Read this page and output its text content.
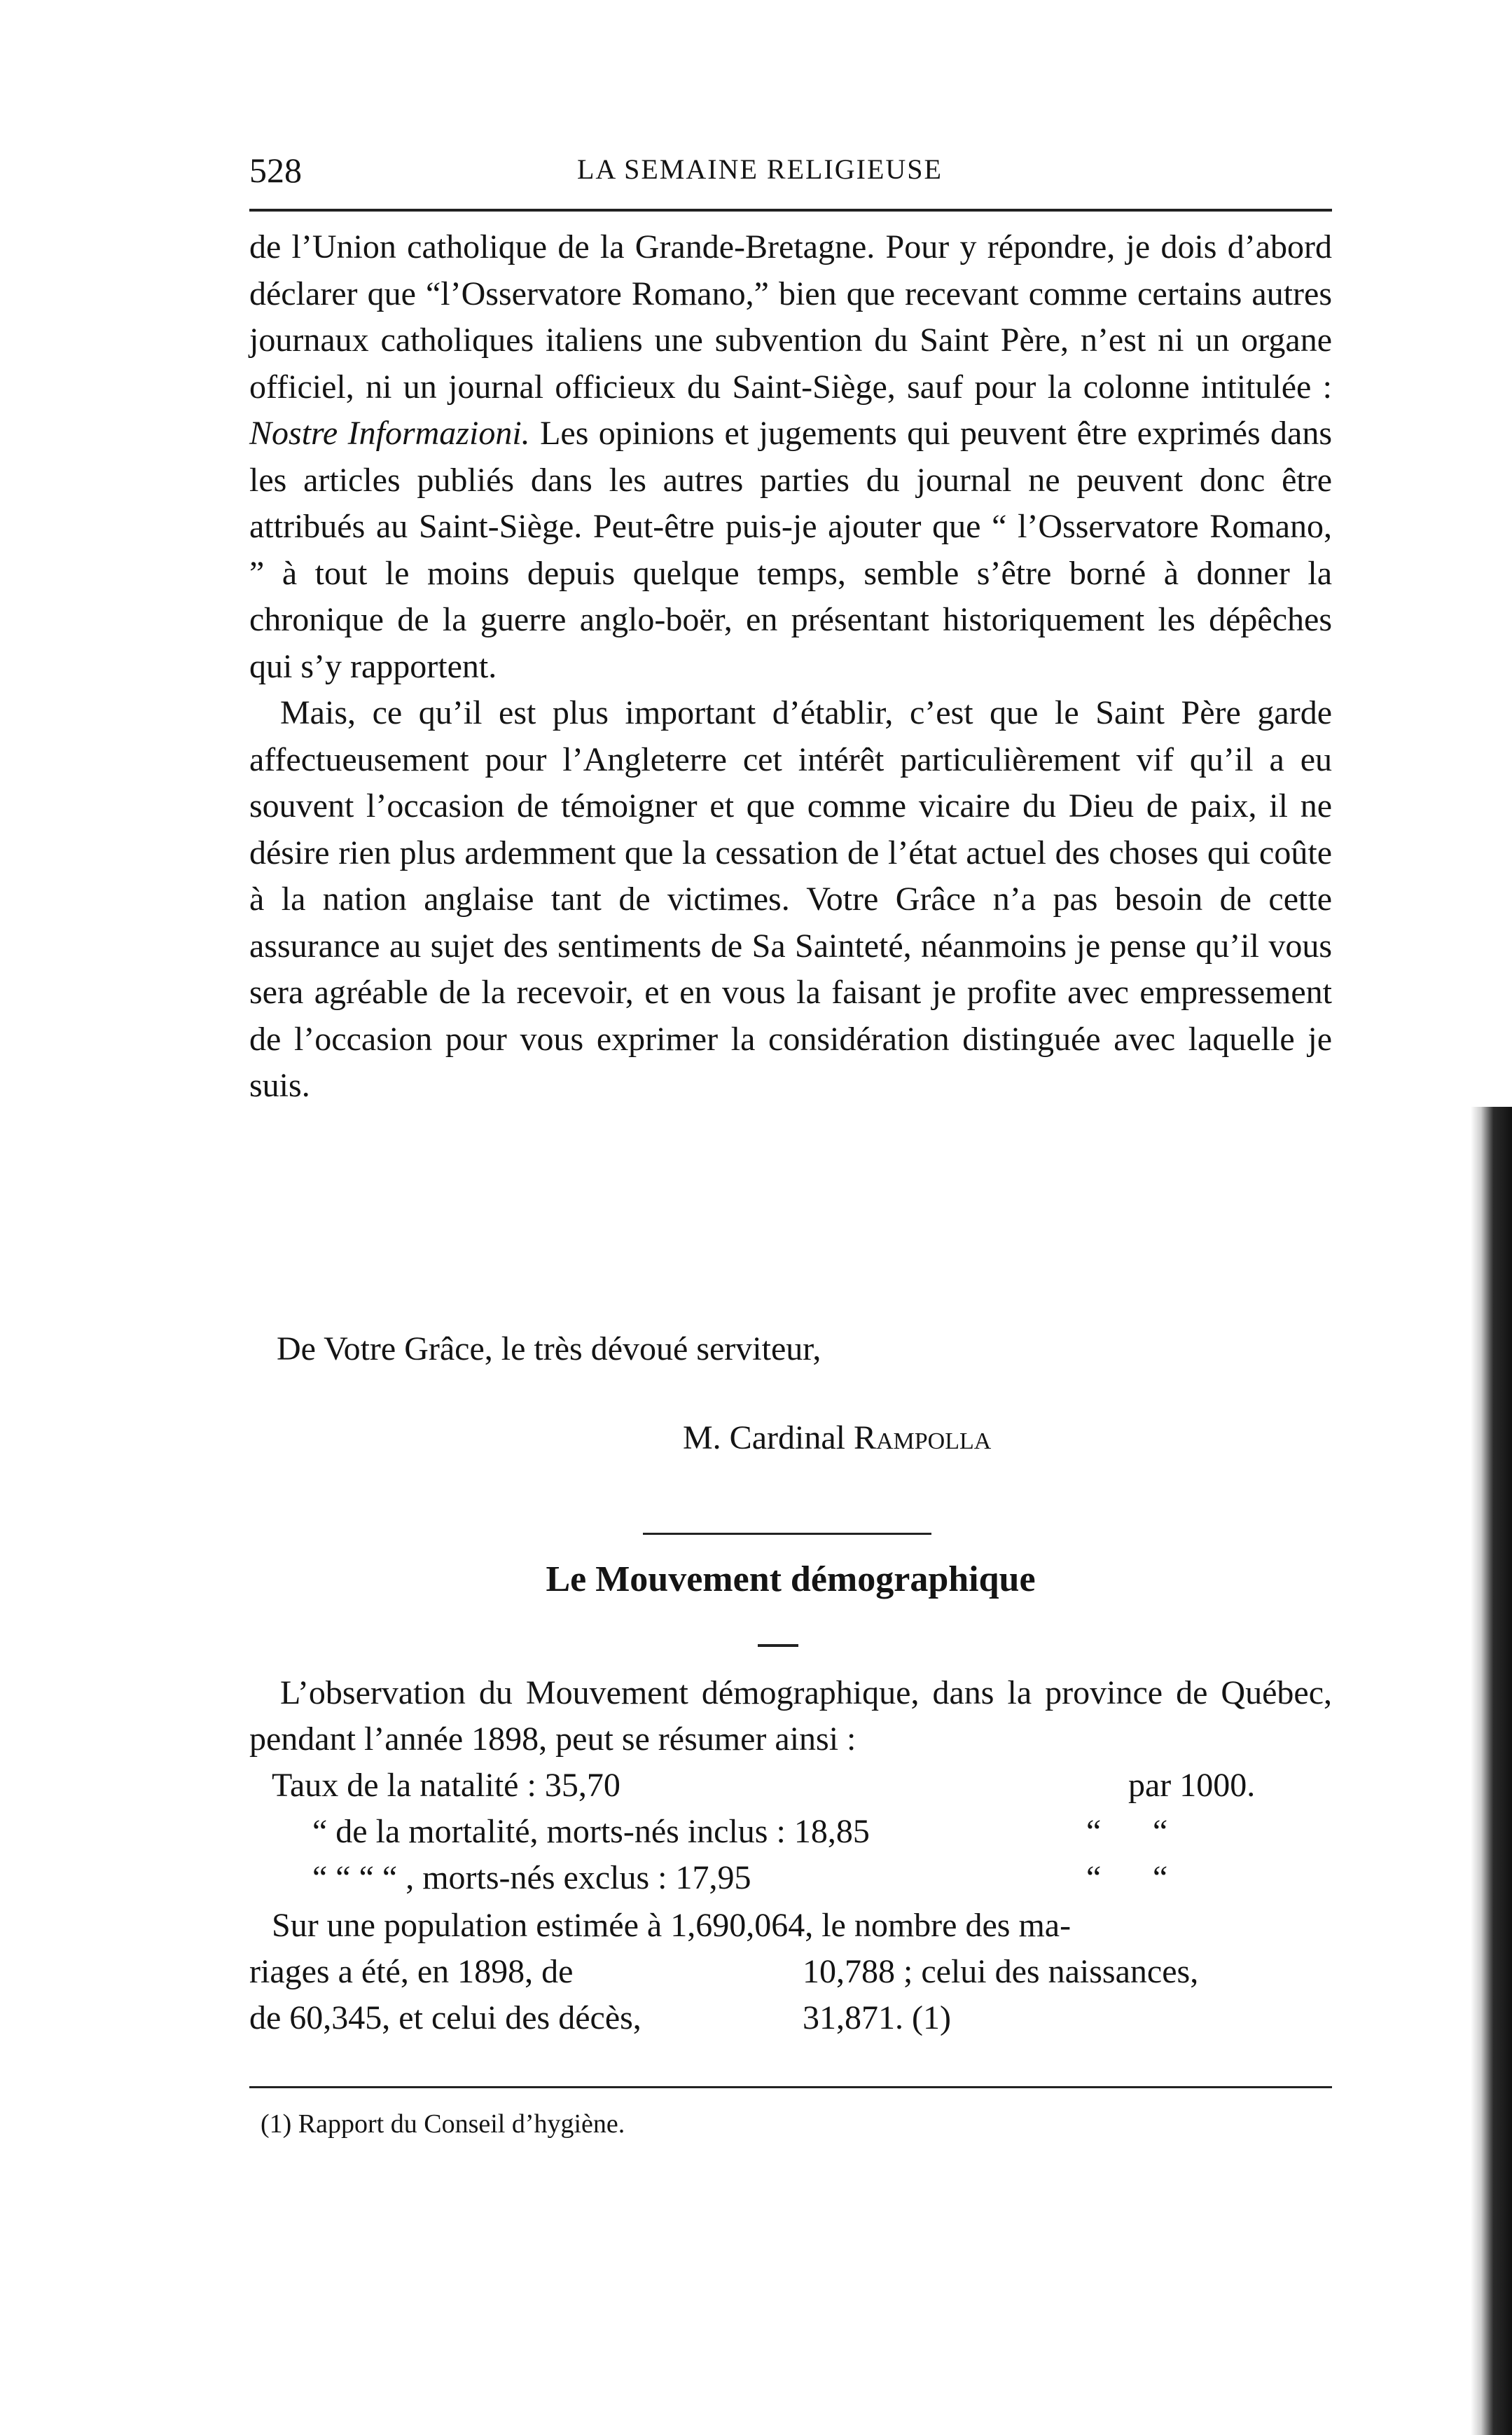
528	LA SEMAINE RELIGIEUSE

de l’Union catholique de la Grande-Bretagne. Pour y répondre, je dois d’abord déclarer que “l’Osservatore Romano,” bien que recevant comme certains autres journaux catholiques italiens une subvention du Saint Père, n’est ni un organe officiel, ni un journal officieux du Saint-Siège, sauf pour la colonne intitulée : Nostre Informazioni. Les opinions et jugements qui peuvent être exprimés dans les articles publiés dans les autres parties du journal ne peuvent donc être attribués au Saint-Siège. Peut-être puis-je ajouter que “ l’Osservatore Romano, ” à tout le moins depuis quelque temps, semble s’être borné à donner la chronique de la guerre anglo-boër, en présentant historiquement les dépêches qui s’y rapportent.

Mais, ce qu’il est plus important d’établir, c’est que le Saint Père garde affectueusement pour l’Angleterre cet intérêt particulièrement vif qu’il a eu souvent l’occasion de témoigner et que comme vicaire du Dieu de paix, il ne désire rien plus ardemment que la cessation de l’état actuel des choses qui coûte à la nation anglaise tant de victimes. Votre Grâce n’a pas besoin de cette assurance au sujet des sentiments de Sa Sainteté, néanmoins je pense qu’il vous sera agréable de la recevoir, et en vous la faisant je profite avec empressement de l’occasion pour vous exprimer la considération distinguée avec laquelle je suis.

De Votre Grâce, le très dévoué serviteur,
M. Cardinal Rampolla
Le Mouvement démographique

L’observation du Mouvement démographique, dans la province de Québec, pendant l’année 1898, peut se résumer ainsi :

Taux de la natalité : 35,70	par 1000.
“ de la mortalité, morts-nés inclus : 18,85	“ “
“ “ “ “ , morts-nés exclus : 17,95	“ “
Sur une population estimée à 1,690,064, le nombre des ma-
riages a été, en 1898, de	10,788 ; celui des naissances,
de 60,345, et celui des décès,	31,871. (1)
(1) Rapport du Conseil d’hygiène.
